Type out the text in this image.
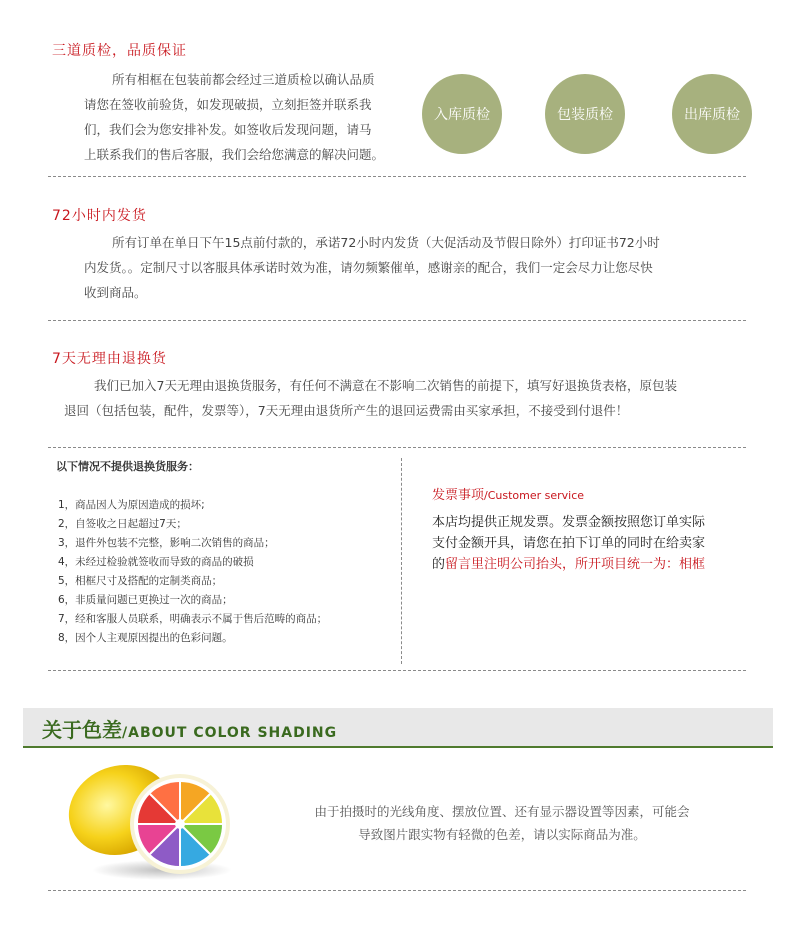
三道质检，品质保证
所有相框在包装前都会经过三道质检以确认品质
请您在签收前验货，如发现破损，立刻拒签并联系我
们，我们会为您安排补发。如签收后发现问题，请马
上联系我们的售后客服，我们会给您满意的解决问题。
入库质检	包装质检	出库质检
72小时内发货
所有订单在单日下午15点前付款的，承诺72小时内发货（大促活动及节假日除外）打印证书72小时
内发货。。定制尺寸以客服具体承诺时效为准，请勿频繁催单，感谢亲的配合，我们一定会尽力让您尽快
收到商品。
7天无理由退换货
我们已加入7天无理由退换货服务，有任何不满意在不影响二次销售的前提下，填写好退换货表格，原包装
退回（包括包装，配件，发票等），7天无理由退货所产生的退回运费需由买家承担，不接受到付退件！
以下情况不提供退换货服务：
1，商品因人为原因造成的损坏;
2，自签收之日起超过7天；
3，退件外包装不完整，影响二次销售的商品；
4，未经过检验就签收而导致的商品的破损
5，相框尺寸及搭配的定制类商品；
6，非质量问题已更换过一次的商品；
7，经和客服人员联系，明确表示不属于售后范畴的商品；
8，因个人主观原因提出的色彩问题。
发票事项/Customer service
本店均提供正规发票。发票金额按照您订单实际
支付金额开具，请您在拍下订单的同时在给卖家
的留言里注明公司抬头，所开项目统一为：相框
关于色差/ABOUT COLOR SHADING
由于拍摄时的光线角度、摆放位置、还有显示器设置等因素，可能会
导致图片跟实物有轻微的色差，请以实际商品为准。
